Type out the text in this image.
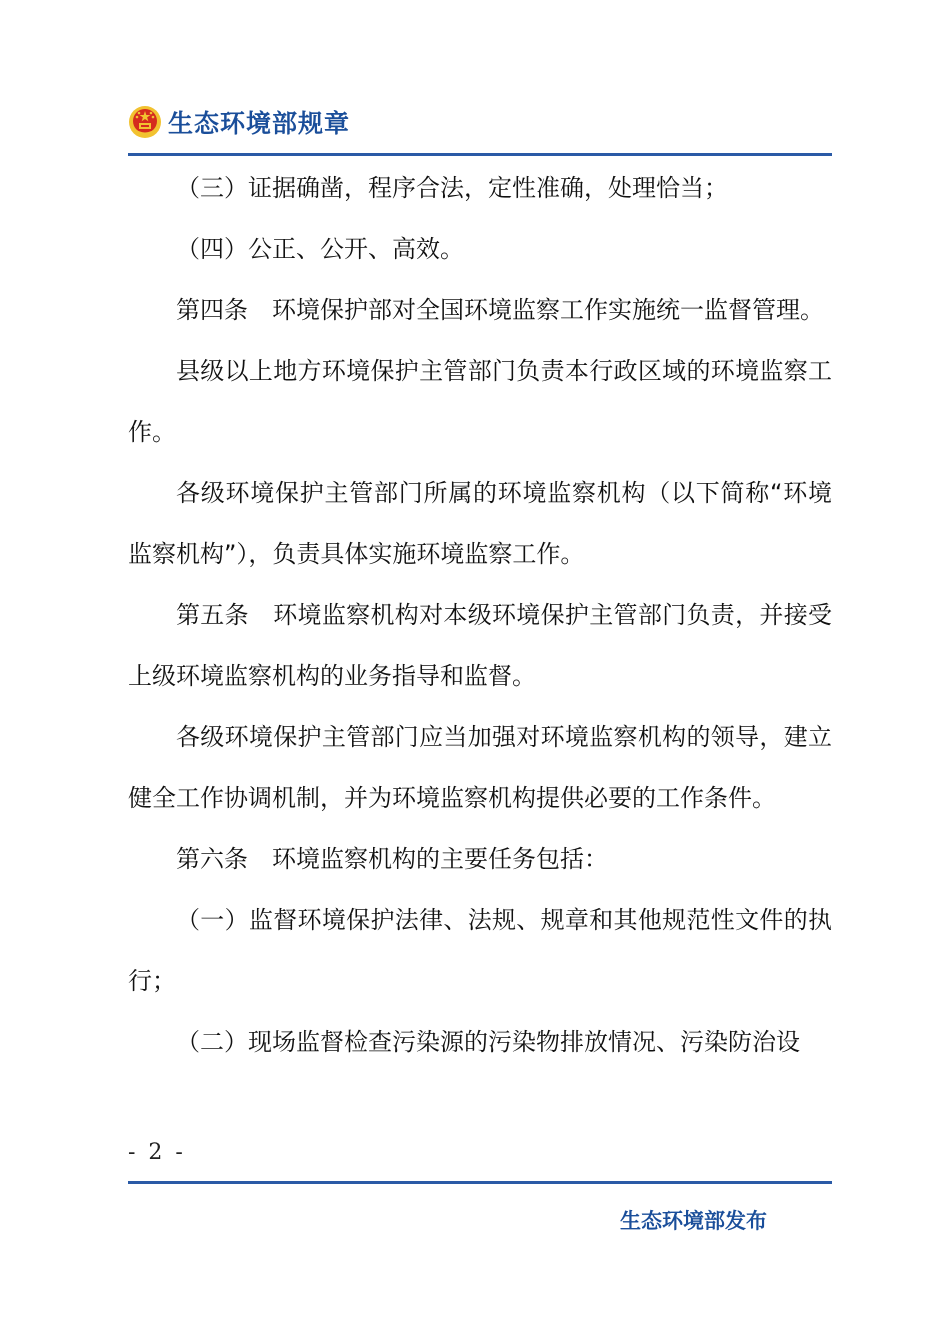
生态环境部规章

（三）证据确凿，程序合法，定性准确，处理恰当；

（四）公正、公开、高效。

第四条　环境保护部对全国环境监察工作实施统一监督管理。

县级以上地方环境保护主管部门负责本行政区域的环境监察工作。

各级环境保护主管部门所属的环境监察机构（以下简称“环境监察机构”），负责具体实施环境监察工作。

第五条　环境监察机构对本级环境保护主管部门负责，并接受上级环境监察机构的业务指导和监督。

各级环境保护主管部门应当加强对环境监察机构的领导，建立健全工作协调机制，并为环境监察机构提供必要的工作条件。

第六条　环境监察机构的主要任务包括：

（一）监督环境保护法律、法规、规章和其他规范性文件的执行；

（二）现场监督检查污染源的污染物排放情况、污染防治设

- 2 -
生态环境部发布
